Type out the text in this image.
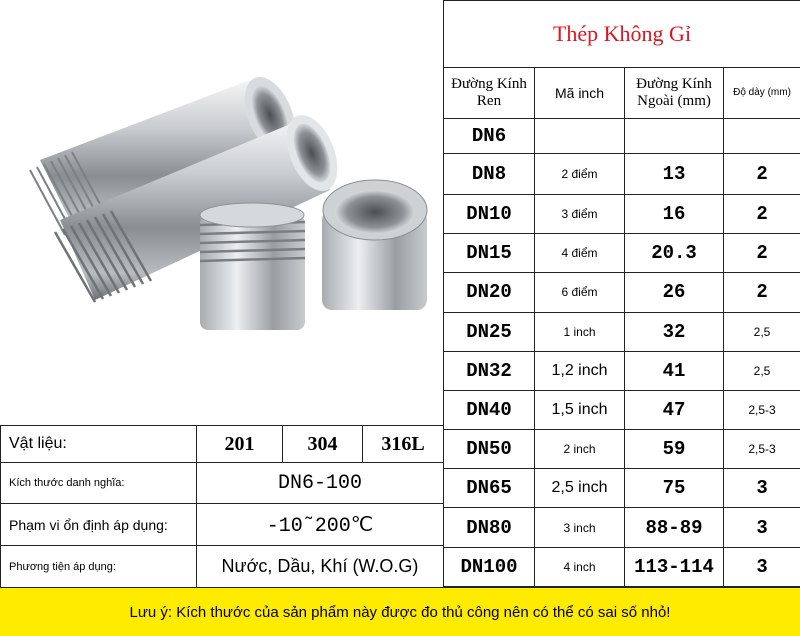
Thép Không Gỉ			
Đường Kính Ren	Mã inch	Đường Kính Ngoài (mm)	Độ dày (mm)
DN6			
DN8	2 điểm	13	2
DN10	3 điểm	16	2
DN15	4 điểm	20.3	2
DN20	6 điểm	26	2
DN25	1 inch	32	2,5
DN32	1,2 inch	41	2,5
DN40	1,5 inch	47	2,5-3
DN50	2 inch	59	2,5-3
DN65	2,5 inch	75	3
DN80	3 inch	88-89	3
DN100	4 inch	113-114	3
Vật liệu:	201	304	316L
Kích thước danh nghĩa:	DN6-100		
Phạm vi ổn định áp dụng:	-10˜200℃		
Phương tiện áp dụng:	Nước, Dầu, Khí (W.O.G)		
Lưu ý: Kích thước của sản phẩm này được đo thủ công nên có thể có sai số nhỏ!
